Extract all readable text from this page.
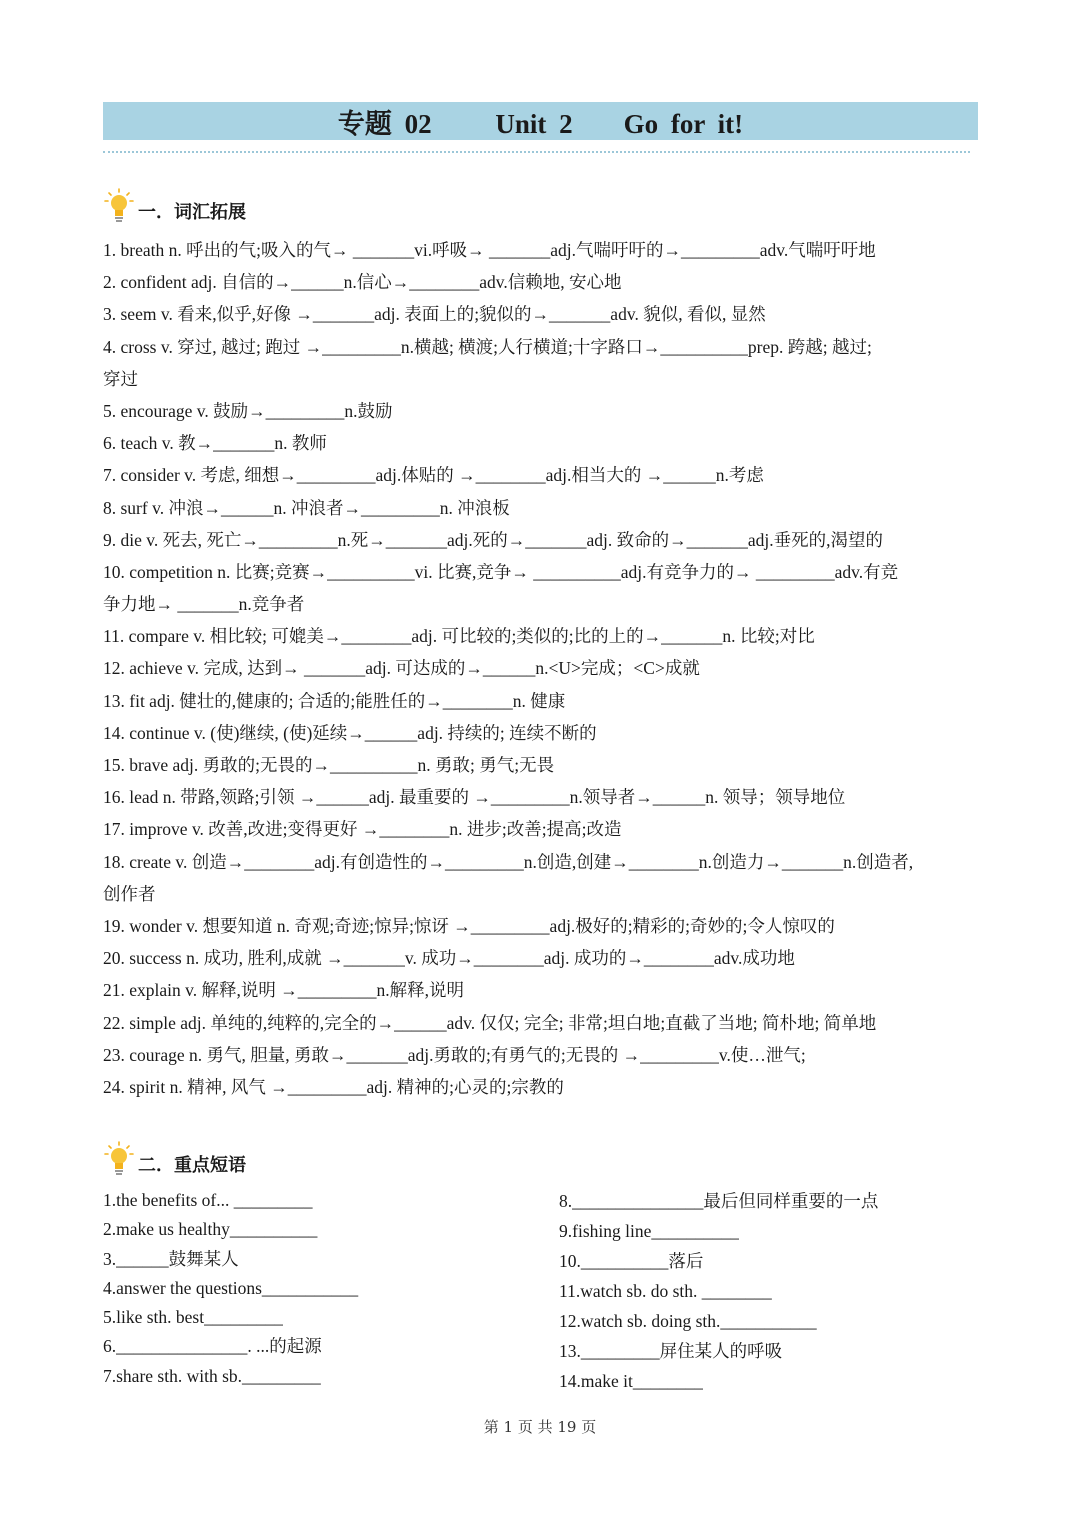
专题 02     Unit 2    Go for it!
一．词汇拓展
1. breath n. 呼出的气;吸入的气→ _______vi.呼吸→ _______adj.气喘吁吁的→_________adv.气喘吁吁地
2. confident adj. 自信的→______n.信心→________adv.信赖地, 安心地
3. seem v. 看来,似乎,好像 →_______adj. 表面上的;貌似的→_______adv. 貌似, 看似, 显然
4. cross v. 穿过, 越过; 跑过 →_________n.横越; 横渡;人行横道;十字路口→__________prep. 跨越; 越过;
穿过
5. encourage v. 鼓励→_________n.鼓励
6. teach v. 教→_______n. 教师
7. consider v. 考虑, 细想→_________adj.体贴的 →________adj.相当大的 →______n.考虑
8. surf v. 冲浪→______n. 冲浪者→_________n. 冲浪板
9. die v. 死去, 死亡→_________n.死→_______adj.死的→_______adj. 致命的→_______adj.垂死的,渴望的
10. competition n. 比赛;竞赛→__________vi. 比赛,竞争→ __________adj.有竞争力的→ _________adv.有竞
争力地→ _______n.竞争者
11. compare v. 相比较; 可媲美→________adj. 可比较的;类似的;比的上的→_______n. 比较;对比
12. achieve v. 完成, 达到→ _______adj. 可达成的→______n.<U>完成；<C>成就
13. fit adj. 健壮的,健康的; 合适的;能胜任的→________n. 健康
14. continue v. (使)继续, (使)延续→______adj. 持续的; 连续不断的
15. brave adj. 勇敢的;无畏的→__________n. 勇敢; 勇气;无畏
16. lead n. 带路,领路;引领 →______adj. 最重要的 →_________n.领导者→______n. 领导；领导地位
17. improve v. 改善,改进;变得更好 →________n. 进步;改善;提高;改造
18. create v. 创造→________adj.有创造性的→_________n.创造,创建→________n.创造力→_______n.创造者,
创作者
19. wonder v. 想要知道 n. 奇观;奇迹;惊异;惊讶 →_________adj.极好的;精彩的;奇妙的;令人惊叹的
20. success n. 成功, 胜利,成就 →_______v. 成功→________adj. 成功的→________adv.成功地
21. explain v. 解释,说明 →_________n.解释,说明
22. simple adj. 单纯的,纯粹的,完全的→______adv. 仅仅; 完全; 非常;坦白地;直截了当地; 简朴地; 简单地
23. courage n. 勇气, 胆量, 勇敢→_______adj.勇敢的;有勇气的;无畏的 →_________v.使…泄气;
24. spirit n. 精神, 风气 →_________adj. 精神的;心灵的;宗教的
二．重点短语
1.the benefits of... _________
2.make us healthy__________
3.______鼓舞某人
4.answer the questions___________
5.like sth. best_________
6._______________. ...的起源
7.share sth. with sb._________
8._______________最后但同样重要的一点
9.fishing line__________
10.__________落后
11.watch sb. do sth. ________
12.watch sb. doing sth.___________
13._________屏住某人的呼吸
14.make it________
第 1 页 共 19 页
